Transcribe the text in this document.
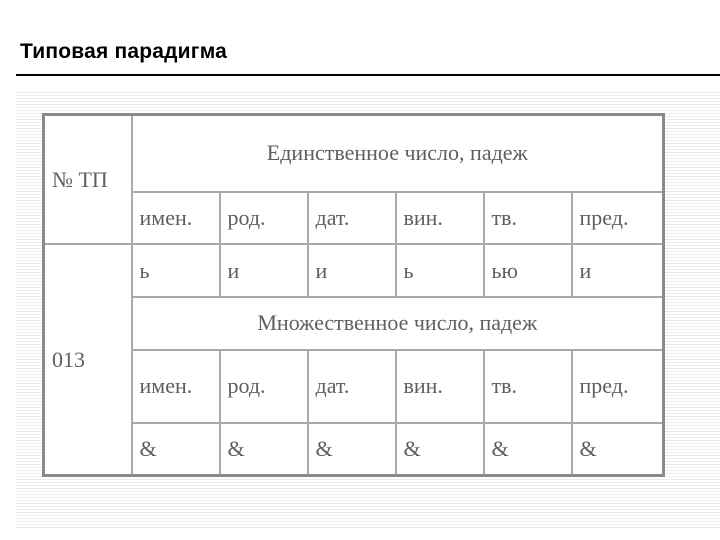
Типовая парадигма
№ ТП	Единственное число, падеж					
	имен.	род.	дат.	вин.	тв.	пред.
013	ь	и	и	ь	ью	и
	Множественное число, падеж					
	имен.	род.	дат.	вин.	тв.	пред.
	&	&	&	&	&	&
